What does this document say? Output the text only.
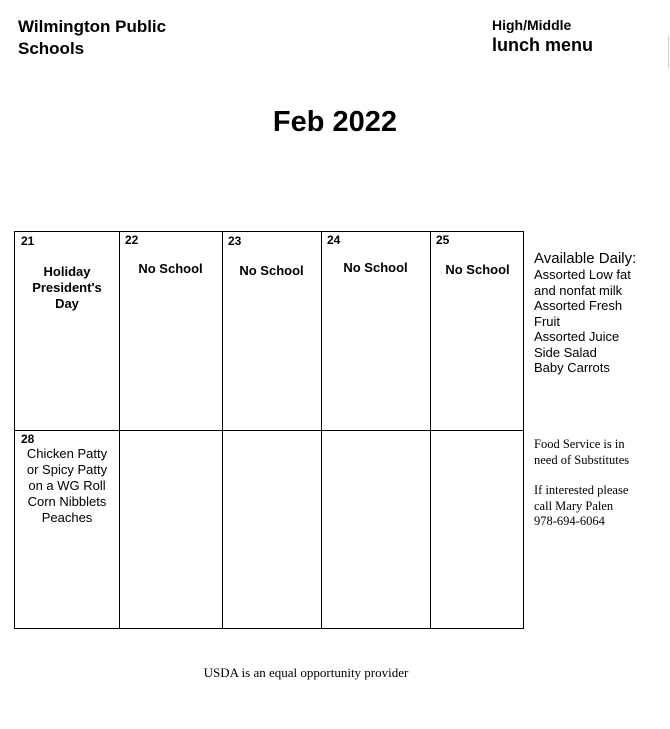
Wilmington Public
Schools
High/Middle
lunch menu
Feb 2022
21
Holiday
President's
Day
22
No School
23
No School
24
No School
25
No School
28
Chicken Patty
or Spicy Patty
on a WG Roll
Corn Nibblets
Peaches
Available Daily:
Assorted Low fat
and nonfat milk
Assorted Fresh
Fruit
Assorted Juice
Side Salad
Baby Carrots
Food Service is in
need of Substitutes
If interested please
call Mary Palen
978-694-6064
USDA is an equal opportunity provider
